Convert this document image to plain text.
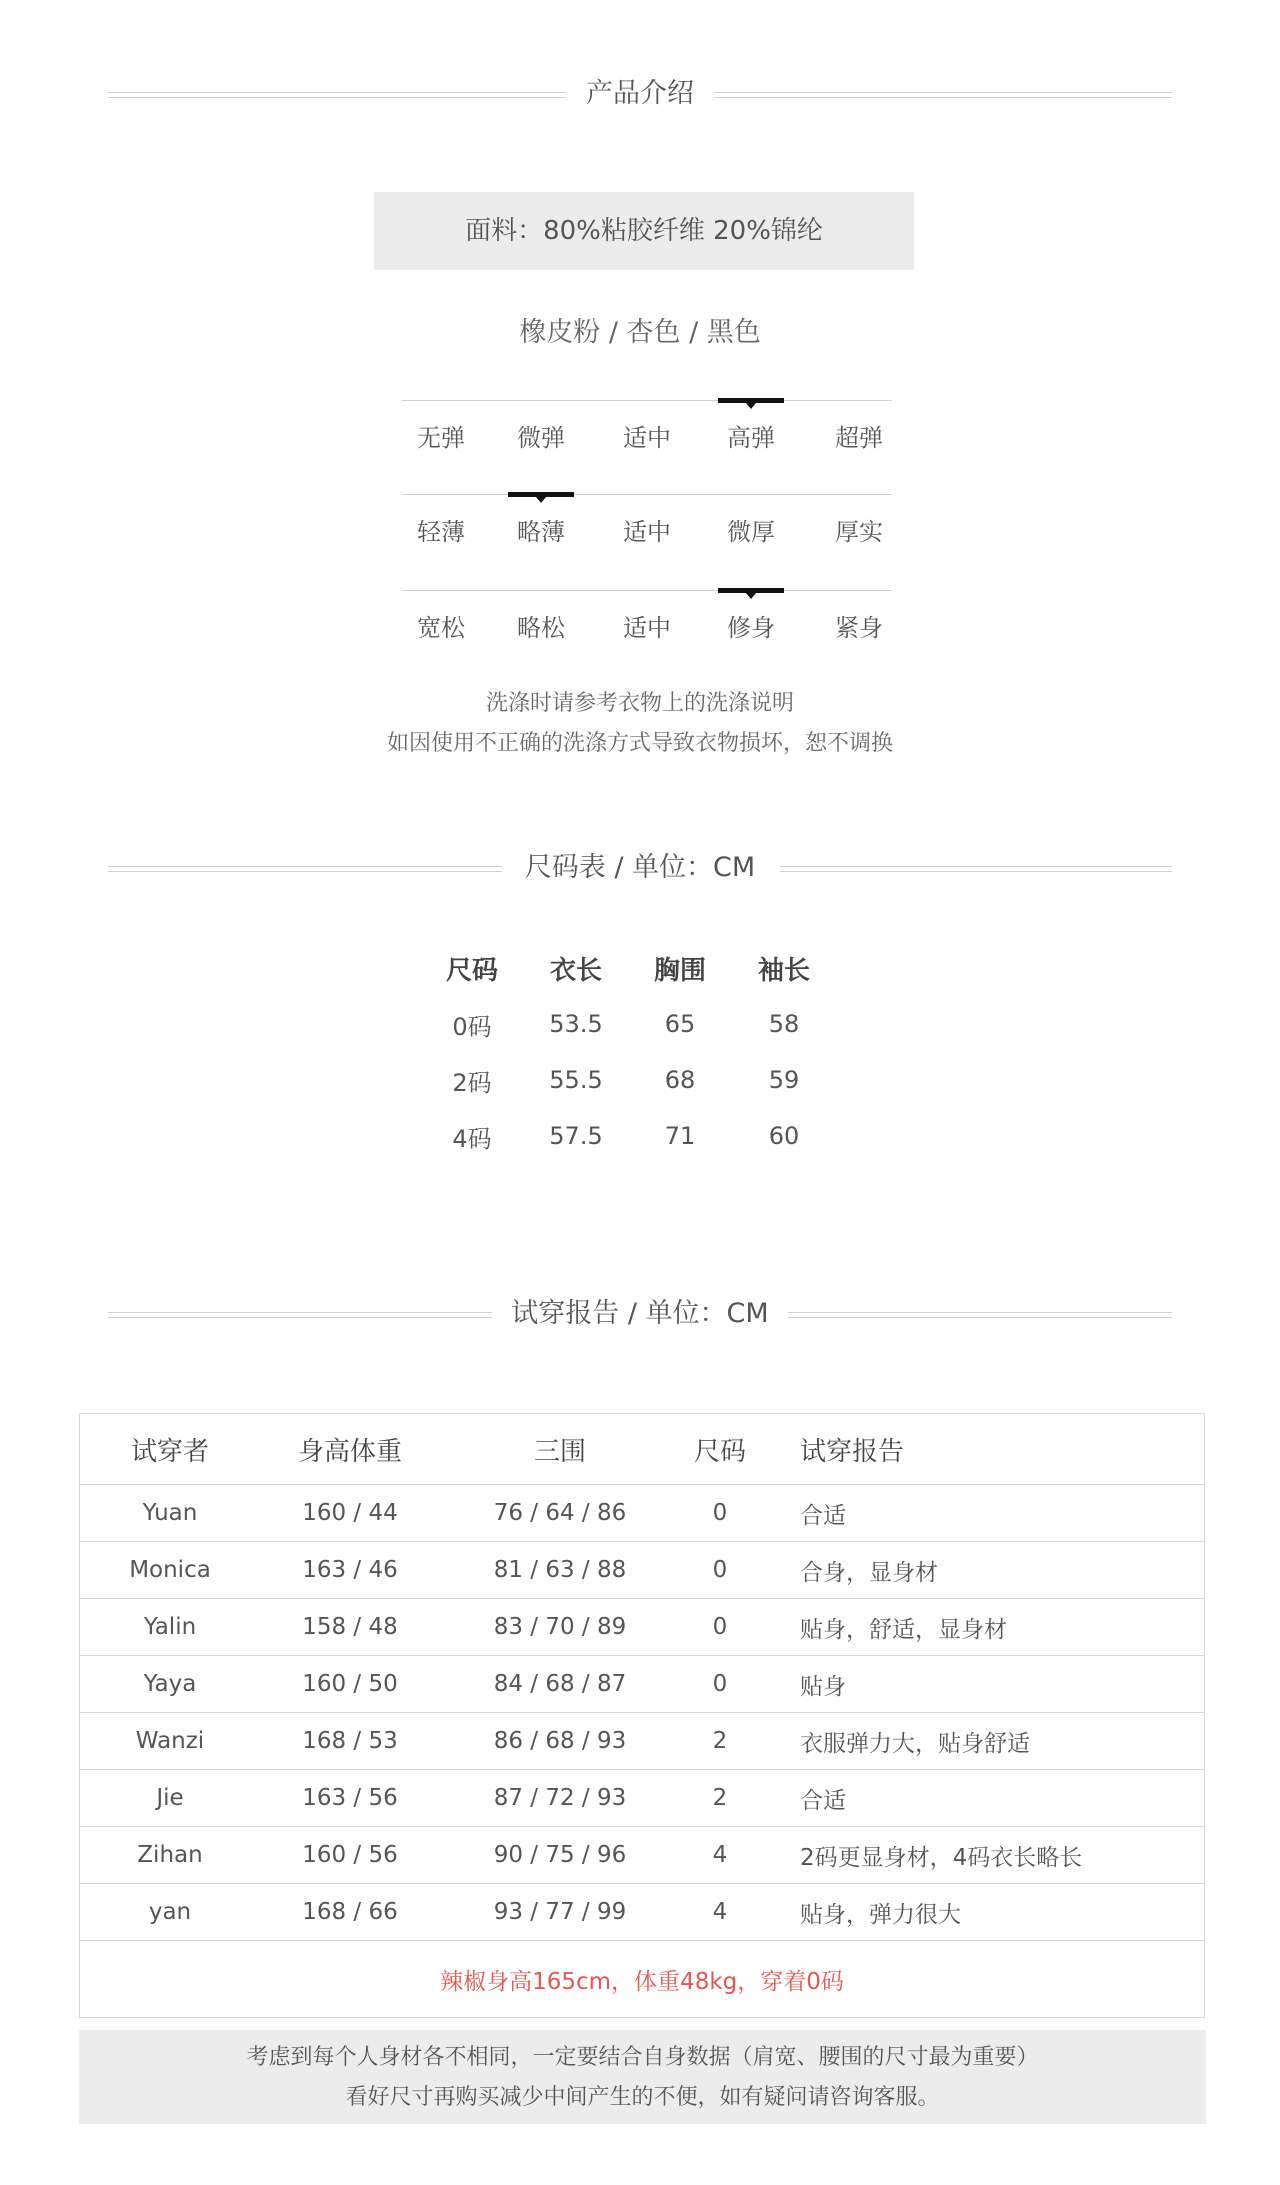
产品介绍
面料：80%粘胶纤维 20%锦纶
橡皮粉 / 杏色 / 黑色
无弹	微弹	适中	高弹	超弹
轻薄	略薄	适中	微厚	厚实
宽松	略松	适中	修身	紧身
洗涤时请参考衣物上的洗涤说明
如因使用不正确的洗涤方式导致衣物损坏，恕不调换
尺码表 / 单位：CM
尺码	衣长	胸围	袖长
0码	53.5	65	58
2码	55.5	68	59
4码	57.5	71	60
试穿报告 / 单位：CM
试穿者	身高体重	三围	尺码	试穿报告
Yuan	160 / 44	76 / 64 / 86	0	合适
Monica	163 / 46	81 / 63 / 88	0	合身，显身材
Yalin	158 / 48	83 / 70 / 89	0	贴身，舒适，显身材
Yaya	160 / 50	84 / 68 / 87	0	贴身
Wanzi	168 / 53	86 / 68 / 93	2	衣服弹力大，贴身舒适
Jie	163 / 56	87 / 72 / 93	2	合适
Zihan	160 / 56	90 / 75 / 96	4	2码更显身材，4码衣长略长
yan	168 / 66	93 / 77 / 99	4	贴身，弹力很大
辣椒身高165cm，体重48kg，穿着0码				
考虑到每个人身材各不相同，一定要结合自身数据（肩宽、腰围的尺寸最为重要）
看好尺寸再购买减少中间产生的不便，如有疑问请咨询客服。
